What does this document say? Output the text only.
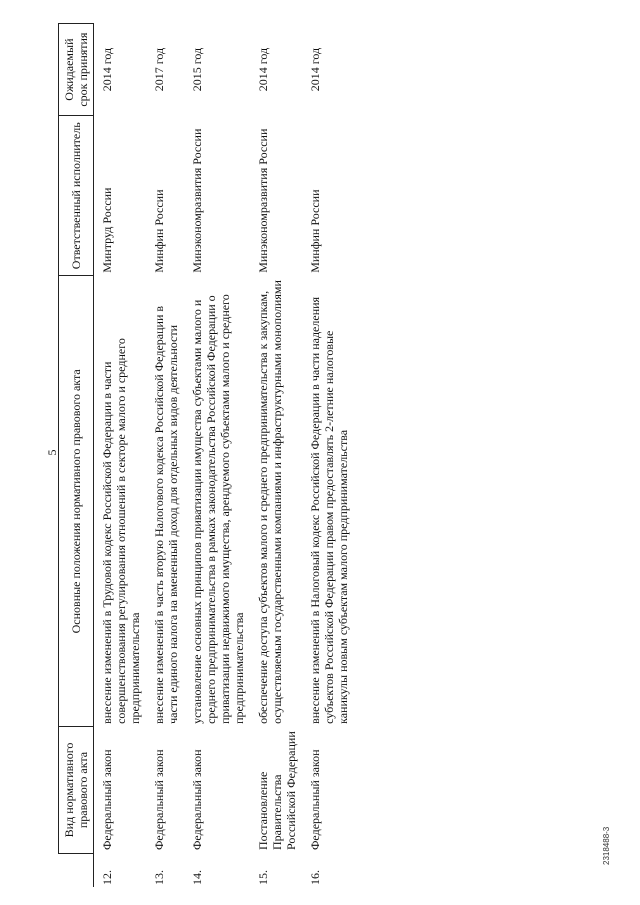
5
	Вид нормативного правового акта	Основные положения нормативного правового акта	Ответственный исполнитель	Ожидаемый срок принятия
12.	Федеральный закон	внесение изменений в Трудовой кодекс Российской Федерации в части совершенствования регулирования отношений в секторе малого и среднего предпринимательства	Минтруд России	2014 год
13.	Федеральный закон	внесение изменений в часть вторую Налогового кодекса Российской Федерации в части единого налога на вмененный доход для отдельных видов деятельности	Минфин России	2017 год
14.	Федеральный закон	установление основных принципов приватизации имущества субъектами малого и среднего предпринимательства в рамках законодательства Российской Федерации о приватизации недвижимого имущества, арендуемого субъектами малого и среднего предпринимательства	Минэкономразвития России	2015 год
15.	Постановление Правительства Российской Федерации	обеспечение доступа субъектов малого и среднего предпринимательства к закупкам, осуществляемым государственными компаниями и инфраструктурными монополиями	Минэкономразвития России	2014 год
16.	Федеральный закон	внесение изменений в Налоговый кодекс Российской Федерации в части наделения субъектов Российской Федерации правом предоставлять 2-летние налоговые каникулы новым субъектам малого предпринимательства	Минфин России	2014 год
2318488-3
